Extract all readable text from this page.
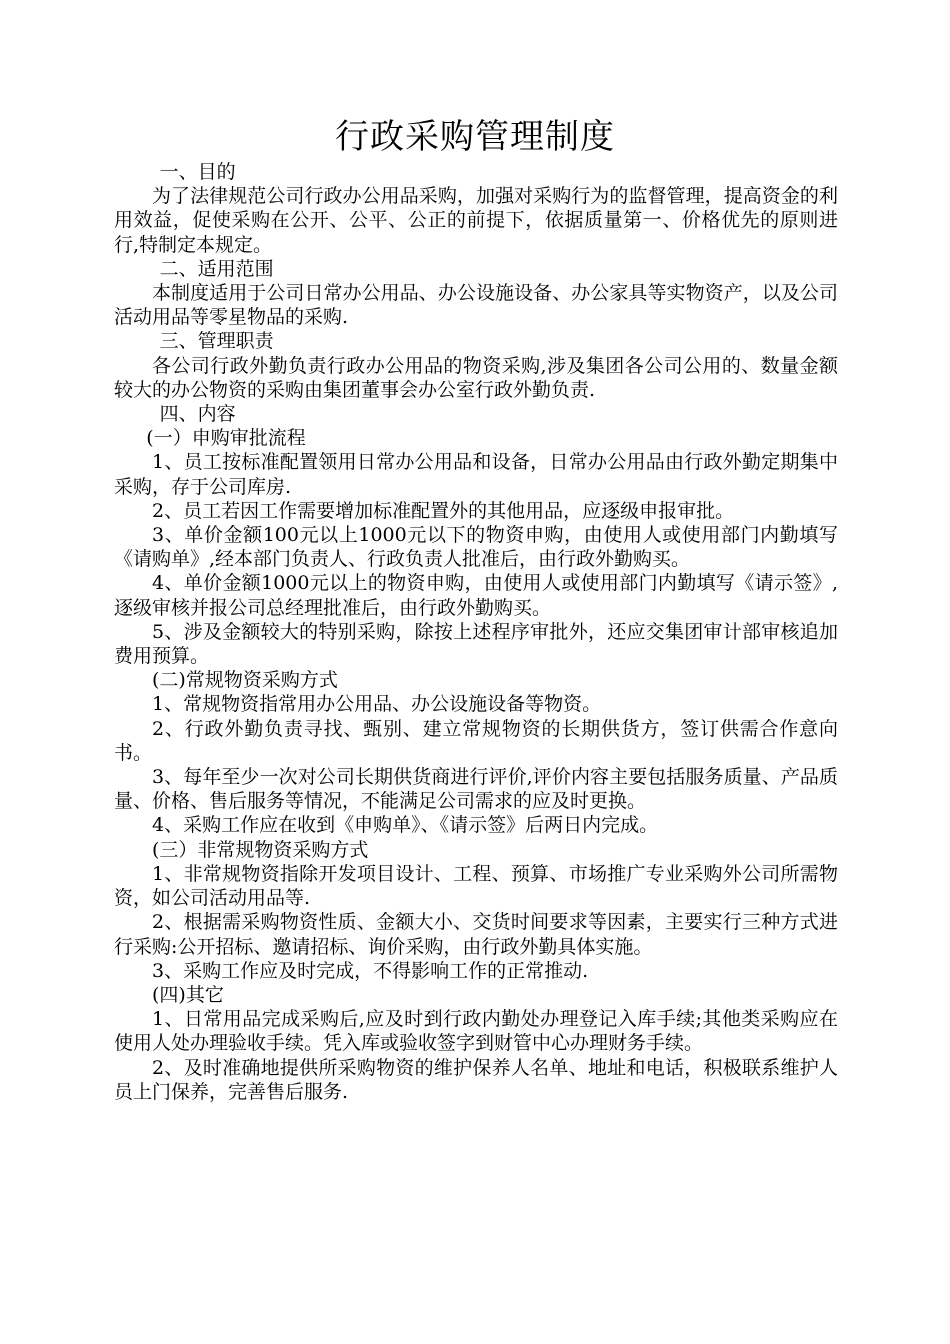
行政采购管理制度

一、目的

为了法律规范公司行政办公用品采购，加强对采购行为的监督管理，提高资金的利用效益，促使采购在公开、公平、公正的前提下，依据质量第一、价格优先的原则进行,特制定本规定。

二、适用范围

本制度适用于公司日常办公用品、办公设施设备、办公家具等实物资产，以及公司活动用品等零星物品的采购.

三、管理职责

各公司行政外勤负责行政办公用品的物资采购,涉及集团各公司公用的、数量金额较大的办公物资的采购由集团董事会办公室行政外勤负责.

四、内容

(一）申购审批流程

1、员工按标准配置领用日常办公用品和设备，日常办公用品由行政外勤定期集中采购，存于公司库房.

2、员工若因工作需要增加标准配置外的其他用品，应逐级申报审批。

3、单价金额100元以上1000元以下的物资申购，由使用人或使用部门内勤填写《请购单》,经本部门负责人、行政负责人批准后，由行政外勤购买。

4、单价金额1000元以上的物资申购，由使用人或使用部门内勤填写《请示签》,逐级审核并报公司总经理批准后，由行政外勤购买。

5、涉及金额较大的特别采购，除按上述程序审批外，还应交集团审计部审核追加费用预算。

(二)常规物资采购方式

1、常规物资指常用办公用品、办公设施设备等物资。

2、行政外勤负责寻找、甄别、建立常规物资的长期供货方，签订供需合作意向书。

3、每年至少一次对公司长期供货商进行评价,评价内容主要包括服务质量、产品质量、价格、售后服务等情况，不能满足公司需求的应及时更换。

4、采购工作应在收到《申购单》、《请示签》后两日内完成。

(三）非常规物资采购方式

1、非常规物资指除开发项目设计、工程、预算、市场推广专业采购外公司所需物资，如公司活动用品等.

2、根据需采购物资性质、金额大小、交货时间要求等因素，主要实行三种方式进行采购:公开招标、邀请招标、询价采购，由行政外勤具体实施。

3、采购工作应及时完成，不得影响工作的正常推动.

(四)其它

1、日常用品完成采购后,应及时到行政内勤处办理登记入库手续;其他类采购应在使用人处办理验收手续。凭入库或验收签字到财管中心办理财务手续。

2、及时准确地提供所采购物资的维护保养人名单、地址和电话，积极联系维护人员上门保养，完善售后服务.
